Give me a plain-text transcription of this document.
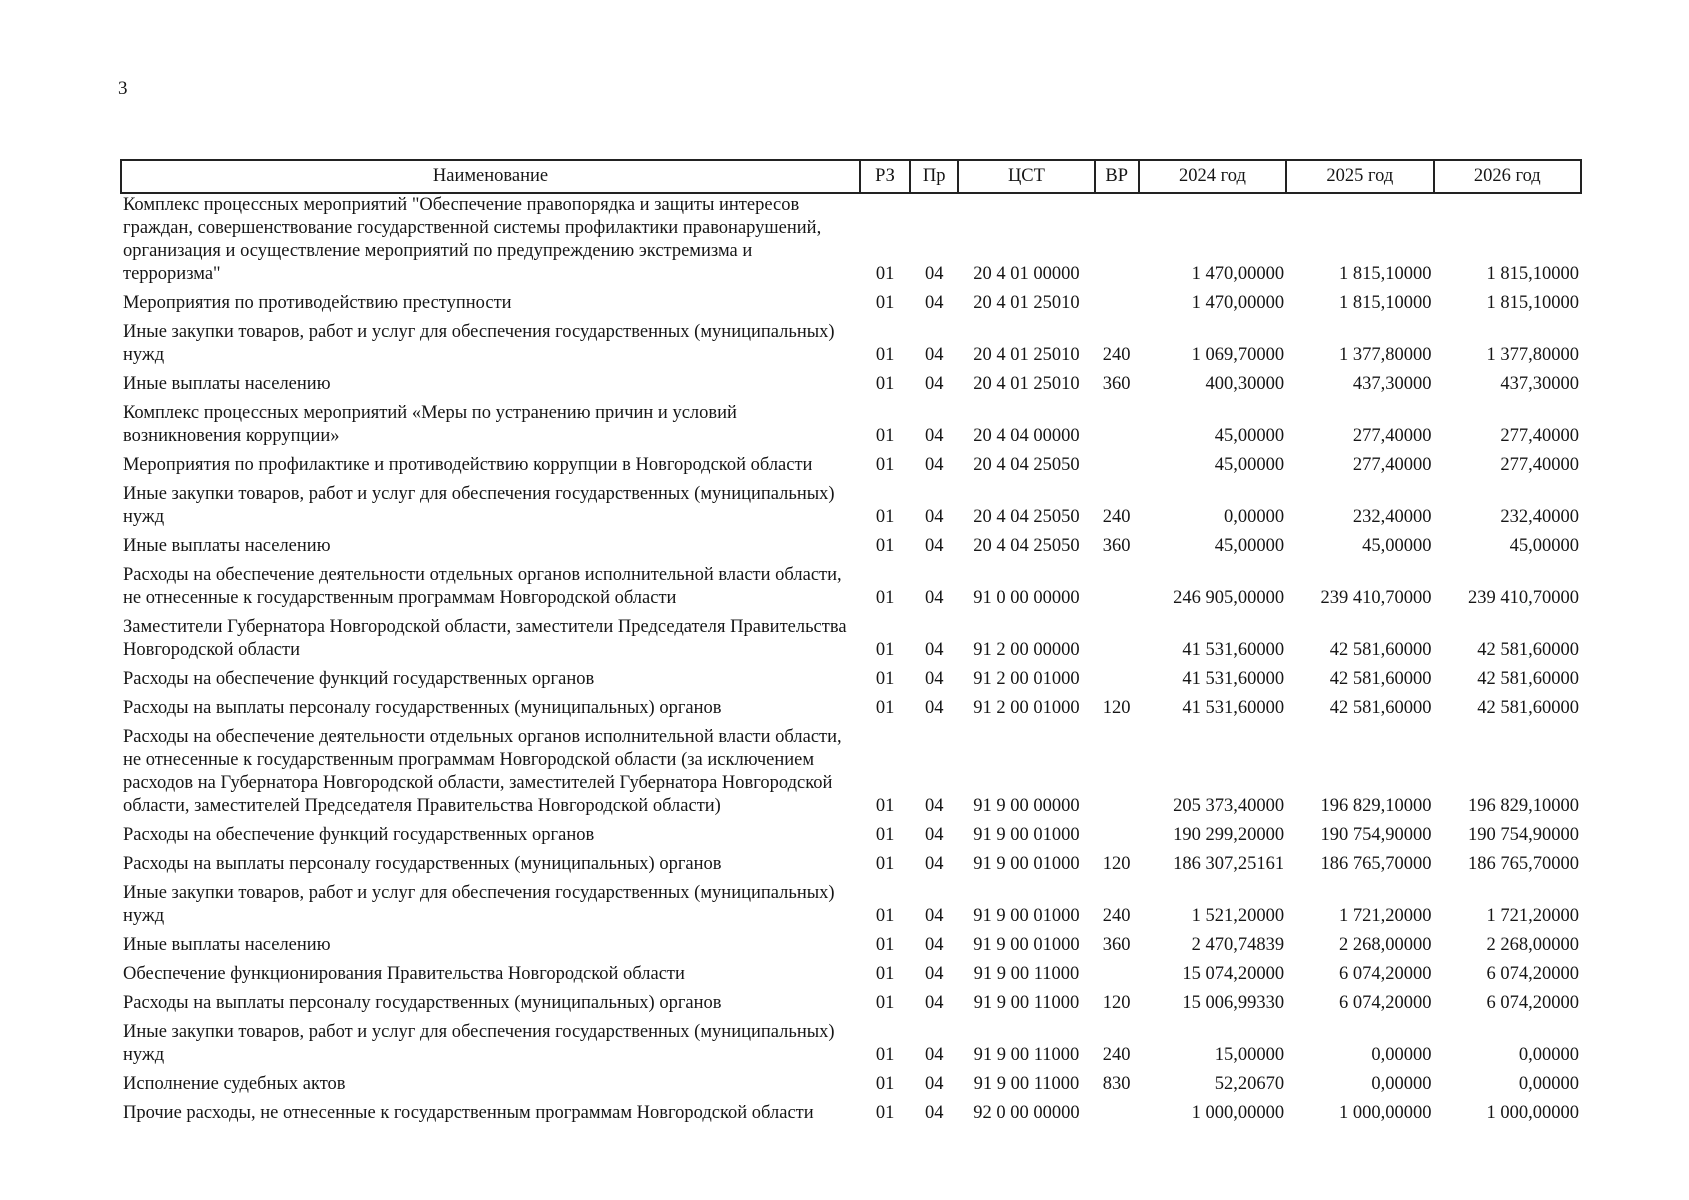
3
Наименование	РЗ	Пр	ЦСТ	ВР	2024 год	2025 год	2026 год
Комплекс процессных мероприятий "Обеспечение правопорядка и защиты интересов граждан, совершенствование государственной системы профилактики правонарушений, организация и осуществление мероприятий по предупреждению экстремизма и терроризма"	01	04	20 4 01 00000		1 470,00000	1 815,10000	1 815,10000
Мероприятия по противодействию преступности	01	04	20 4 01 25010		1 470,00000	1 815,10000	1 815,10000
Иные закупки товаров, работ и услуг для обеспечения государственных (муниципальных) нужд	01	04	20 4 01 25010	240	1 069,70000	1 377,80000	1 377,80000
Иные выплаты населению	01	04	20 4 01 25010	360	400,30000	437,30000	437,30000
Комплекс процессных мероприятий «Меры по устранению причин и условий возникновения коррупции»	01	04	20 4 04 00000		45,00000	277,40000	277,40000
Мероприятия по профилактике и противодействию коррупции в Новгородской области	01	04	20 4 04 25050		45,00000	277,40000	277,40000
Иные закупки товаров, работ и услуг для обеспечения государственных (муниципальных) нужд	01	04	20 4 04 25050	240	0,00000	232,40000	232,40000
Иные выплаты населению	01	04	20 4 04 25050	360	45,00000	45,00000	45,00000
Расходы на обеспечение деятельности отдельных органов исполнительной власти области, не отнесенные к государственным программам Новгородской области	01	04	91 0 00 00000		246 905,00000	239 410,70000	239 410,70000
Заместители Губернатора Новгородской области, заместители Председателя Правительства Новгородской области	01	04	91 2 00 00000		41 531,60000	42 581,60000	42 581,60000
Расходы на обеспечение функций государственных органов	01	04	91 2 00 01000		41 531,60000	42 581,60000	42 581,60000
Расходы на выплаты персоналу государственных (муниципальных) органов	01	04	91 2 00 01000	120	41 531,60000	42 581,60000	42 581,60000
Расходы на обеспечение деятельности отдельных органов исполнительной власти области, не отнесенные к государственным программам Новгородской области (за исключением расходов на Губернатора Новгородской области, заместителей Губернатора Новгородской области, заместителей Председателя Правительства Новгородской области)	01	04	91 9 00 00000		205 373,40000	196 829,10000	196 829,10000
Расходы на обеспечение функций государственных органов	01	04	91 9 00 01000		190 299,20000	190 754,90000	190 754,90000
Расходы на выплаты персоналу государственных (муниципальных) органов	01	04	91 9 00 01000	120	186 307,25161	186 765,70000	186 765,70000
Иные закупки товаров, работ и услуг для обеспечения государственных (муниципальных) нужд	01	04	91 9 00 01000	240	1 521,20000	1 721,20000	1 721,20000
Иные выплаты населению	01	04	91 9 00 01000	360	2 470,74839	2 268,00000	2 268,00000
Обеспечение функционирования Правительства Новгородской области	01	04	91 9 00 11000		15 074,20000	6 074,20000	6 074,20000
Расходы на выплаты персоналу государственных (муниципальных) органов	01	04	91 9 00 11000	120	15 006,99330	6 074,20000	6 074,20000
Иные закупки товаров, работ и услуг для обеспечения государственных (муниципальных) нужд	01	04	91 9 00 11000	240	15,00000	0,00000	0,00000
Исполнение судебных актов	01	04	91 9 00 11000	830	52,20670	0,00000	0,00000
Прочие расходы, не отнесенные к государственным программам Новгородской области	01	04	92 0 00 00000		1 000,00000	1 000,00000	1 000,00000
